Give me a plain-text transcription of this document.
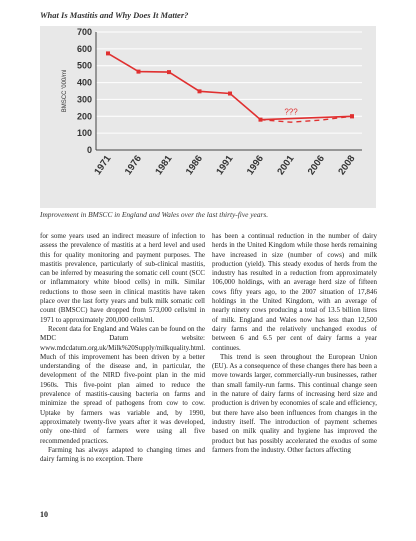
What Is Mastitis and Why Does It Matter?
0
100
200
300
400
500
600
700
BMSCC '000/ml
1971 1976 1981 1986 1991 1996 2001 2006 2008
???
Improvement in BMSCC in England and Wales over the last thirty-five years.

for some years used an indirect measure of infection to assess the prevalence of mastitis at a herd level and used this for quality monitoring and payment purposes. The mastitis prevalence, particularly of sub-clinical mastitis, can be inferred by measuring the somatic cell count (SCC or inflammatory white blood cells) in milk. Similar reductions to those seen in clinical mastitis have taken place over the last forty years and bulk milk somatic cell count (BMSCC) have dropped from 573,000 cells/ml in 1971 to approximately 200,000 cells/ml.

Recent data for England and Wales can be found on the MDC Datum website: www.mdcdatum.org.uk/Milk%20Supply/milkquality.html. Much of this improvement has been driven by a better understanding of the disease and, in particular, the development of the NIRD five-point plan in the mid 1960s. This five-point plan aimed to reduce the prevalence of mastitis-causing bacteria on farms and minimize the spread of pathogens from cow to cow. Uptake by farmers was variable and, by 1990, approximately twenty-five years after it was developed, only one-third of farmers were using all five recommended practices.

Farming has always adapted to changing times and dairy farming is no exception. There

has been a continual reduction in the number of dairy herds in the United Kingdom while those herds remaining have increased in size (number of cows) and milk production (yield). This steady exodus of herds from the industry has resulted in a reduction from approximately 106,000 holdings, with an average herd size of fifteen cows fifty years ago, to the 2007 situation of 17,846 holdings in the United Kingdom, with an average of nearly ninety cows producing a total of 13.5 billion litres of milk. England and Wales now has less than 12,500 dairy farms and the relatively unchanged exodus of between 6 and 6.5 per cent of dairy farms a year continues.

This trend is seen throughout the European Union (EU). As a consequence of these changes there has been a move towards larger, commercially-run businesses, rather than small family-run farms. This continual change seen in the nature of dairy farms of increasing herd size and production is driven by economies of scale and efficiency, but there have also been influences from changes in the industry itself. The introduction of payment schemes based on milk quality and hygiene has improved the product but has possibly accelerated the exodus of some farmers from the industry. Other factors affecting

10
